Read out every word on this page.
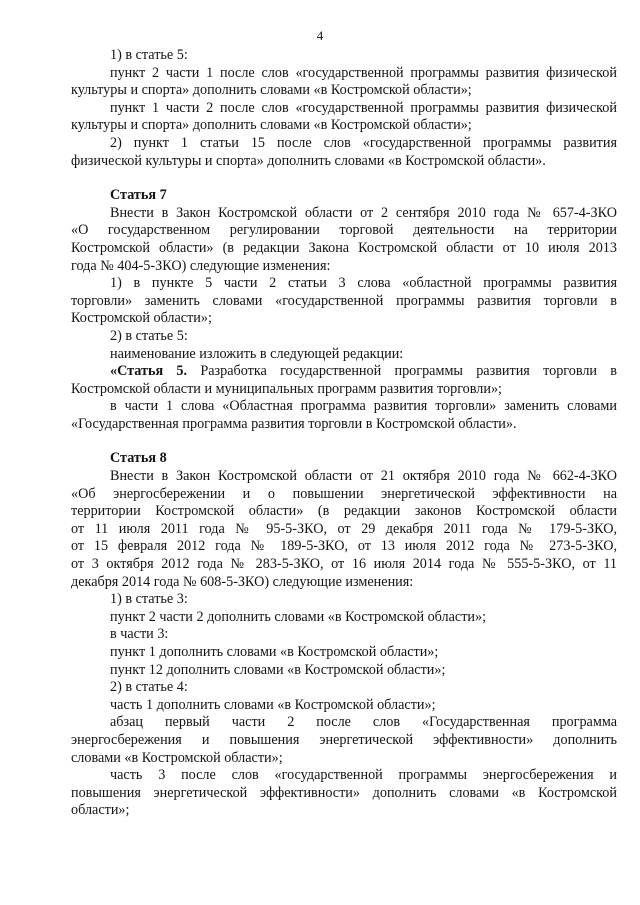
4
1) в статье 5:
пункт 2 части 1 после слов «государственной программы развития физической
культуры и спорта» дополнить словами «в Костромской области»;
пункт 1 части 2 после слов «государственной программы развития физической
культуры и спорта» дополнить словами «в Костромской области»;
2) пункт 1 статьи 15 после слов «государственной программы развития
физической культуры и спорта» дополнить словами «в Костромской области».
Статья 7
Внести в Закон Костромской области от 2 сентября 2010 года № 657-4-ЗКО
«О государственном регулировании торговой деятельности на территории
Костромской области» (в редакции Закона Костромской области от 10 июля 2013
года № 404-5-ЗКО) следующие изменения:
1) в пункте 5 части 2 статьи 3 слова «областной программы развития
торговли» заменить словами «государственной программы развития торговли в
Костромской области»;
2) в статье 5:
наименование изложить в следующей редакции:
«Статья 5. Разработка государственной программы развития торговли в
Костромской области и муниципальных программ развития торговли»;
в части 1 слова «Областная программа развития торговли» заменить словами
«Государственная программа развития торговли в Костромской области».
Статья 8
Внести в Закон Костромской области от 21 октября 2010 года № 662-4-ЗКО
«Об энергосбережении и о повышении энергетической эффективности на
территории Костромской области» (в редакции законов Костромской области
от 11 июля 2011 года № 95-5-ЗКО, от 29 декабря 2011 года № 179-5-ЗКО,
от 15 февраля 2012 года № 189-5-ЗКО, от 13 июля 2012 года № 273-5-ЗКО,
от 3 октября 2012 года № 283-5-ЗКО, от 16 июля 2014 года № 555-5-ЗКО, от 11
декабря 2014 года № 608-5-ЗКО) следующие изменения:
1) в статье 3:
пункт 2 части 2 дополнить словами «в Костромской области»;
в части 3:
пункт 1 дополнить словами «в Костромской области»;
пункт 12 дополнить словами «в Костромской области»;
2) в статье 4:
часть 1 дополнить словами «в Костромской области»;
абзац первый части 2 после слов «Государственная программа
энергосбережения и повышения энергетической эффективности» дополнить
словами «в Костромской области»;
часть 3 после слов «государственной программы энергосбережения и
повышения энергетической эффективности» дополнить словами «в Костромской
области»;
